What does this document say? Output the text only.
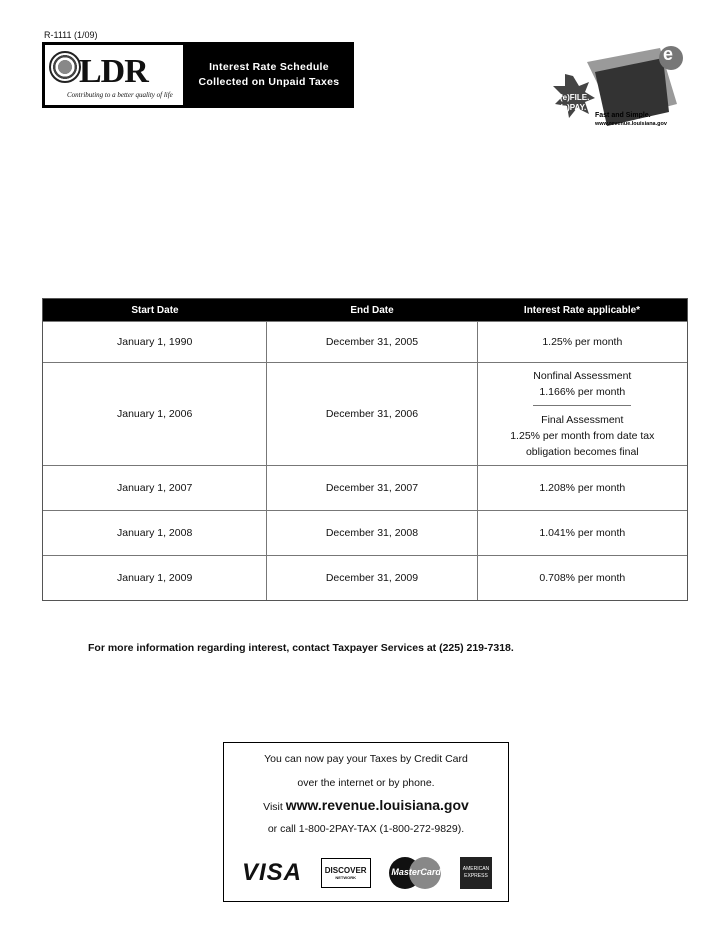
R-1111 (1/09)
LDR
Contributing to a better quality of life
Interest Rate Schedule
Collected on Unpaid Taxes
e
(e)FILE.
(e)PAY.
Fast and Simple.
www.revenue.louisiana.gov
Start Date	End Date	Interest Rate applicable*
January 1, 1990	December 31, 2005	1.25% per month
January 1, 2006	December 31, 2006
Nonfinal Assessment
1.166% per month
Final Assessment
1.25% per month from date tax
obligation becomes final
January 1, 2007	December 31, 2007	1.208% per month
January 1, 2008	December 31, 2008	1.041% per month
January 1, 2009	December 31, 2009	0.708% per month
For more information regarding interest, contact Taxpayer Services at (225) 219-7318.
You can now pay your Taxes by Credit Card
over the internet or by phone.
Visit www.revenue.louisiana.gov
or call 1-800-2PAY-TAX (1-800-272-9829).
VISA	DISCOVER
NETWORK
MasterCard	AMERICAN EXPRESS
